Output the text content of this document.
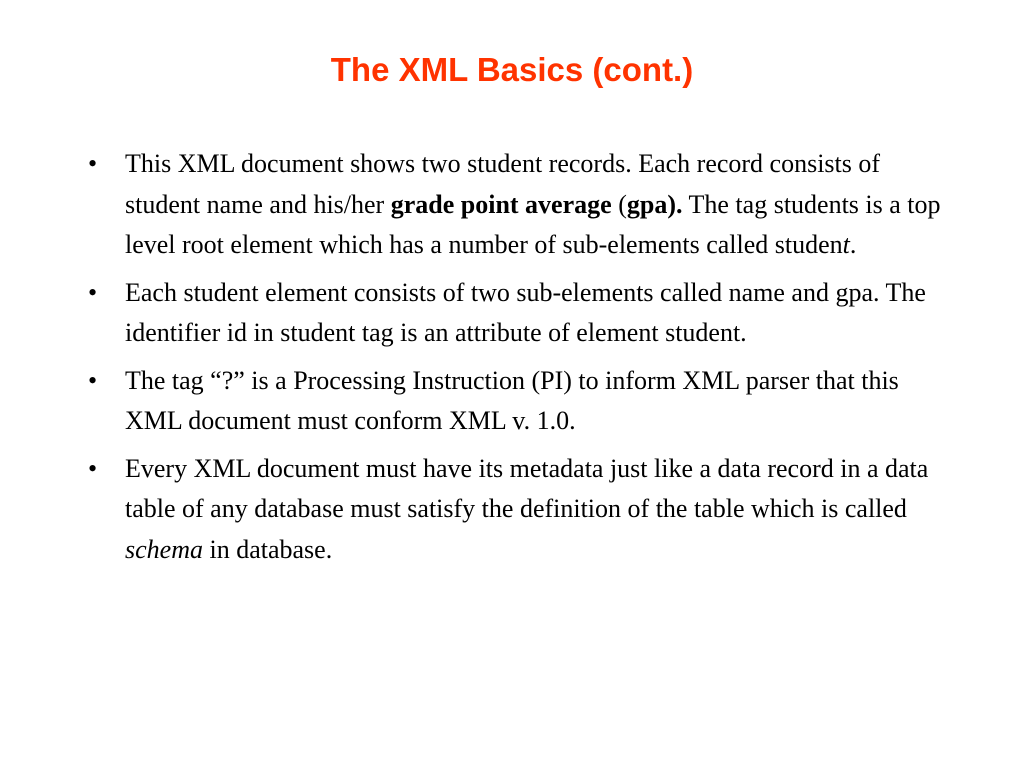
The XML Basics (cont.)
• This XML document shows two student records. Each record consists of student name and his/her grade point average (gpa). The tag students is a top level root element which has a number of sub-elements called student.
• Each student element consists of two sub-elements called name and gpa. The identifier id in student tag is an attribute of element student.
• The tag “?” is a Processing Instruction (PI) to inform XML parser that this XML document must conform XML v. 1.0.
• Every XML document must have its metadata just like a data record in a data table of any database must satisfy the definition of the table which is called schema in database.
